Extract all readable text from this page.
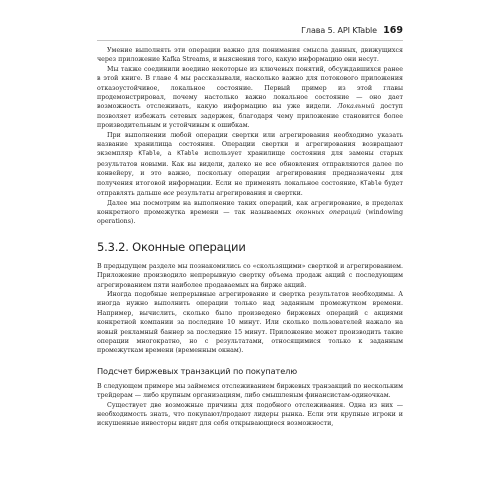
Глава 5. API KTable 169

Умение выполнять эти операции важно для понимания смысла данных, движущихся через приложение Kafka Streams, и выяснения того, какую информацию они несут.

Мы также соединили воедино некоторые из ключевых понятий, обсуждавшихся ранее в этой книге. В главе 4 мы рассказывали, насколько важно для потокового приложения отказоустойчивое, локальное состояние. Первый пример из этой главы продемонстрировал, почему настолько важно локальное состояние — оно дает возможность отслеживать, какую информацию вы уже видели. Локальный доступ позволяет избежать сетевых задержек, благодаря чему приложение становится более производительным и устойчивым к ошибкам.

При выполнении любой операции свертки или агрегирования необходимо указать название хранилища состояния. Операции свертки и агрегирования возвращают экземпляр KTable, а KTable использует хранилище состояния для замены старых результатов новыми. Как вы видели, далеко не все обновления отправляются далее по конвейеру, и это важно, поскольку операции агрегирования предназначены для получения итоговой информации. Если не применять локальное состояние, KTable будет отправлять дальше все результаты агрегирования и свертки.

Далее мы посмотрим на выполнение таких операций, как агрегирование, в пределах конкретного промежутка времени — так называемых оконных операций (windowing operations).

5.3.2. Оконные операции

В предыдущем разделе мы познакомились со «скользящими» сверткой и агрегированием. Приложение производило непрерывную свертку объема продаж акций с последующим агрегированием пяти наиболее продаваемых на бирже акций.

Иногда подобные непрерывные агрегирование и свертка результатов необходимы. А иногда нужно выполнить операции только над заданным промежутком времени. Например, вычислить, сколько было произведено биржевых операций с акциями конкретной компании за последние 10 минут. Или сколько пользователей нажало на новый рекламный баннер за последние 15 минут. Приложение может производить такие операции многократно, но с результатами, относящимися только к заданным промежуткам времени (временным окнам).

Подсчет биржевых транзакций по покупателю

В следующем примере мы займемся отслеживанием биржевых транзакций по нескольким трейдерам — либо крупным организациям, либо смышленым финансистам-одиночкам.

Существует две возможные причины для подобного отслеживания. Одна из них — необходимость знать, что покупают/продают лидеры рынка. Если эти крупные игроки и искушенные инвесторы видят для себя открывающиеся возможности,
